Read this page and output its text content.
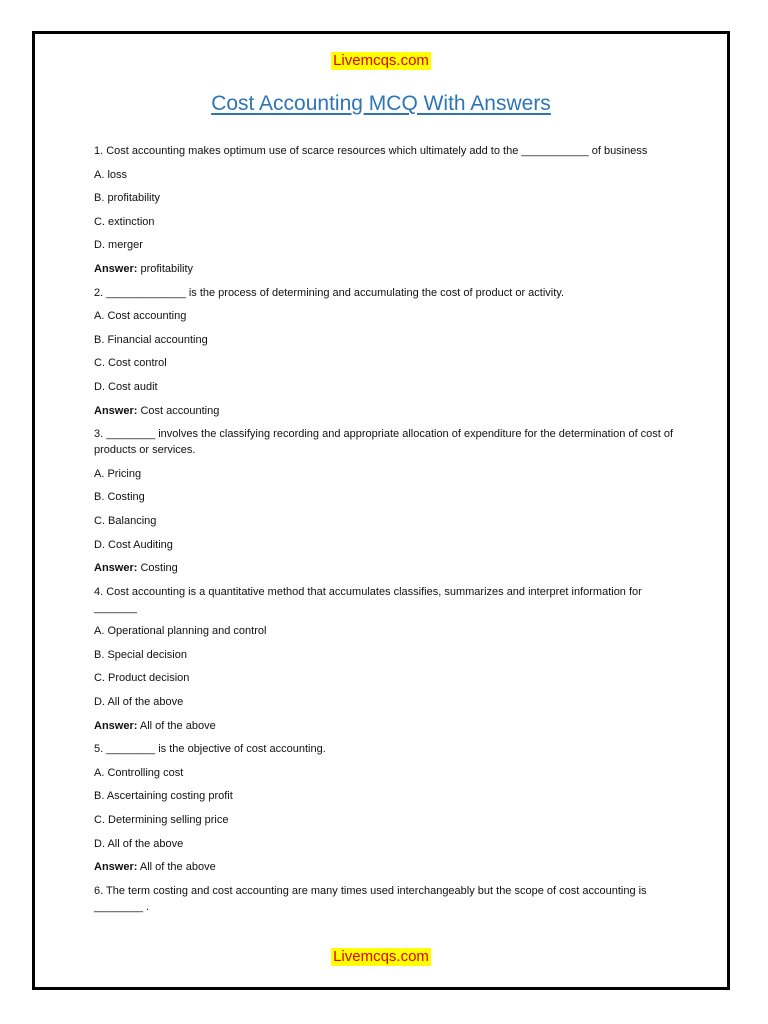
Livemcqs.com
Cost Accounting MCQ With Answers
1. Cost accounting makes optimum use of scarce resources which ultimately add to the ___________ of business
A. loss
B. profitability
C. extinction
D. merger
Answer: profitability
2. _____________ is the process of determining and accumulating the cost of product or activity.
A. Cost accounting
B. Financial accounting
C. Cost control
D. Cost audit
Answer: Cost accounting
3. ________ involves the classifying recording and appropriate allocation of expenditure for the determination of cost of products or services.
A. Pricing
B. Costing
C. Balancing
D. Cost Auditing
Answer: Costing
4. Cost accounting is a quantitative method that accumulates classifies, summarizes and interpret information for _______
A. Operational planning and control
B. Special decision
C. Product decision
D. All of the above
Answer: All of the above
5. ________ is the objective of cost accounting.
A. Controlling cost
B. Ascertaining costing profit
C. Determining selling price
D. All of the above
Answer: All of the above
6. The term costing and cost accounting are many times used interchangeably but the scope of cost accounting is ________ .
Livemcqs.com
